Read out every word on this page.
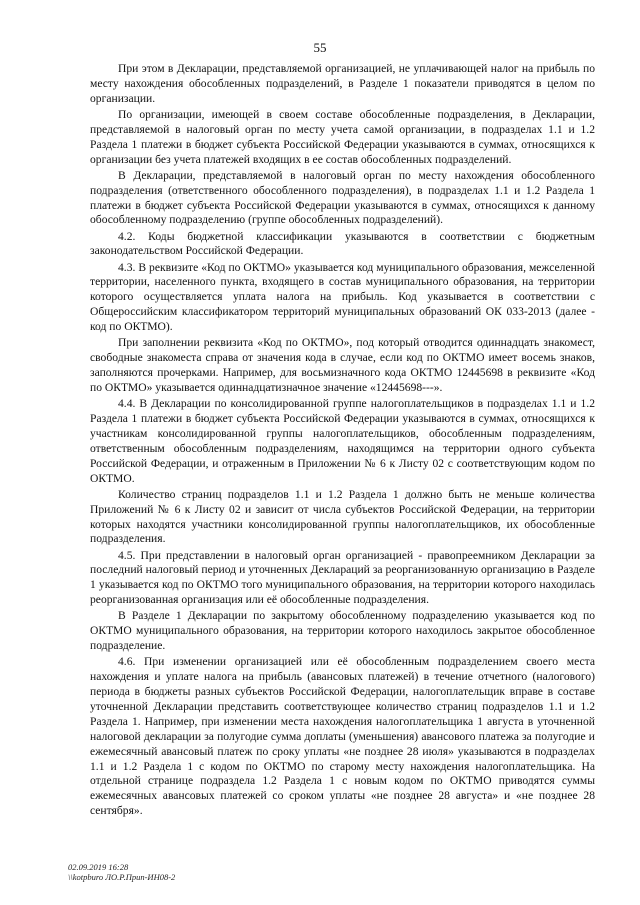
55

При этом в Декларации, представляемой организацией, не уплачивающей налог на прибыль по месту нахождения обособленных подразделений, в Разделе 1 показатели приводятся в целом по организации.

По организации, имеющей в своем составе обособленные подразделения, в Декларации, представляемой в налоговый орган по месту учета самой организации, в подразделах 1.1 и 1.2 Раздела 1 платежи в бюджет субъекта Российской Федерации указываются в суммах, относящихся к организации без учета платежей входящих в ее состав обособленных подразделений.

В Декларации, представляемой в налоговый орган по месту нахождения обособленного подразделения (ответственного обособленного подразделения), в подразделах 1.1 и 1.2 Раздела 1 платежи в бюджет субъекта Российской Федерации указываются в суммах, относящихся к данному обособленному подразделению (группе обособленных подразделений).

4.2. Коды бюджетной классификации указываются в соответствии с бюджетным законодательством Российской Федерации.

4.3. В реквизите «Код по ОКТМО» указывается код муниципального образования, межселенной территории, населенного пункта, входящего в состав муниципального образования, на территории которого осуществляется уплата налога на прибыль. Код указывается в соответствии с Общероссийским классификатором территорий муниципальных образований ОК 033-2013 (далее - код по ОКТМО).

При заполнении реквизита «Код по ОКТМО», под который отводится одиннадцать знакомест, свободные знакоместа справа от значения кода в случае, если код по ОКТМО имеет восемь знаков, заполняются прочерками. Например, для восьмизначного кода ОКТМО 12445698 в реквизите «Код по ОКТМО» указывается одиннадцатизначное значение «12445698---».

4.4. В Декларации по консолидированной группе налогоплательщиков в подразделах 1.1 и 1.2 Раздела 1 платежи в бюджет субъекта Российской Федерации указываются в суммах, относящихся к участникам консолидированной группы налогоплательщиков, обособленным подразделениям, ответственным обособленным подразделениям, находящимся на территории одного субъекта Российской Федерации, и отраженным в Приложении № 6 к Листу 02 с соответствующим кодом по ОКТМО.

Количество страниц подразделов 1.1 и 1.2 Раздела 1 должно быть не меньше количества Приложений № 6 к Листу 02 и зависит от числа субъектов Российской Федерации, на территории которых находятся участники консолидированной группы налогоплательщиков, их обособленные подразделения.

4.5. При представлении в налоговый орган организацией - правопреемником Декларации за последний налоговый период и уточненных Деклараций за реорганизованную организацию в Разделе 1 указывается код по ОКТМО того муниципального образования, на территории которого находилась реорганизованная организация или её обособленные подразделения.

В Разделе 1 Декларации по закрытому обособленному подразделению указывается код по ОКТМО муниципального образования, на территории которого находилось закрытое обособленное подразделение.

4.6. При изменении организацией или её обособленным подразделением своего места нахождения и уплате налога на прибыль (авансовых платежей) в течение отчетного (налогового) периода в бюджеты разных субъектов Российской Федерации, налогоплательщик вправе в составе уточненной Декларации представить соответствующее количество страниц подразделов 1.1 и 1.2 Раздела 1. Например, при изменении места нахождения налогоплательщика 1 августа в уточненной налоговой декларации за полугодие сумма доплаты (уменьшения) авансового платежа за полугодие и ежемесячный авансовый платеж по сроку уплаты «не позднее 28 июля» указываются в подразделах 1.1 и 1.2 Раздела 1 с кодом по ОКТМО по старому месту нахождения налогоплательщика. На отдельной странице подраздела 1.2 Раздела 1 с новым кодом по ОКТМО приводятся суммы ежемесячных авансовых платежей со сроком уплаты «не позднее 28 августа» и «не позднее 28 сентября».

02.09.2019 16:28
\\kotpburo ЛО.Р.Приn-ИН08-2
